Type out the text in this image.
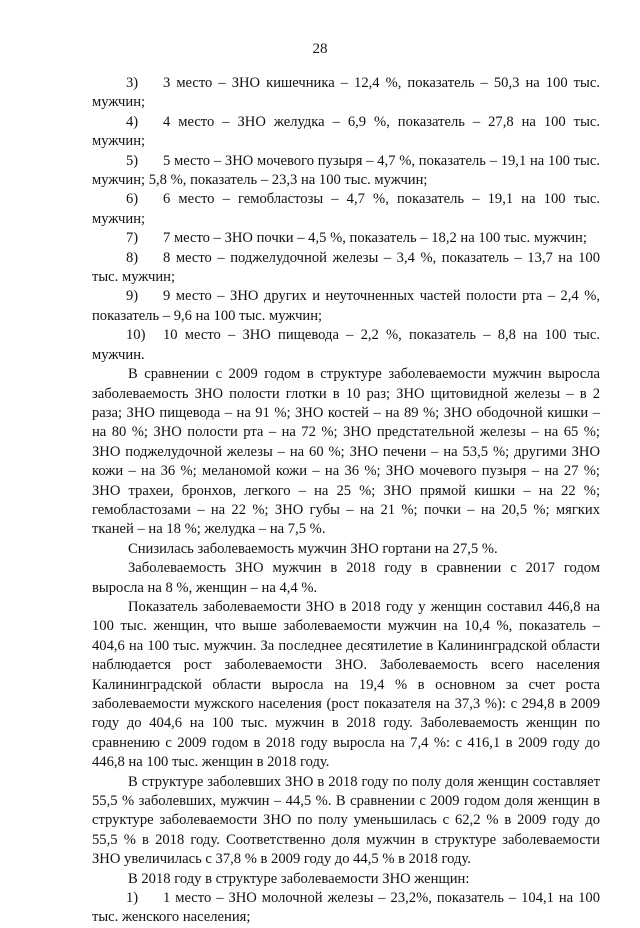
28

3) 3 место – ЗНО кишечника – 12,4 %, показатель – 50,3 на 100 тыс. мужчин;

4) 4 место – ЗНО желудка – 6,9 %, показатель – 27,8 на 100 тыс. мужчин;

5) 5 место – ЗНО мочевого пузыря – 4,7 %, показатель – 19,1 на 100 тыс. мужчин; 5,8 %, показатель – 23,3 на 100 тыс. мужчин;

6) 6 место – гемобластозы – 4,7 %, показатель – 19,1 на 100 тыс. мужчин;

7) 7 место – ЗНО почки – 4,5 %, показатель – 18,2 на 100 тыс. мужчин;

8) 8 место – поджелудочной железы – 3,4 %, показатель – 13,7 на 100 тыс. мужчин;

9) 9 место – ЗНО других и неуточненных частей полости рта – 2,4 %, показатель – 9,6 на 100 тыс. мужчин;

10) 10 место – ЗНО пищевода – 2,2 %, показатель – 8,8 на 100 тыс. мужчин.

В сравнении с 2009 годом в структуре заболеваемости мужчин выросла заболеваемость ЗНО полости глотки в 10 раз; ЗНО щитовидной железы – в 2 раза; ЗНО пищевода – на 91 %; ЗНО костей – на 89 %; ЗНО ободочной кишки – на 80 %; ЗНО полости рта – на 72 %; ЗНО предстательной железы – на 65 %; ЗНО поджелудочной железы – на 60 %; ЗНО печени – на 53,5 %; другими ЗНО кожи – на 36 %; меланомой кожи – на 36 %; ЗНО мочевого пузыря – на 27 %; ЗНО трахеи, бронхов, легкого – на 25 %; ЗНО прямой кишки – на 22 %; гемобластозами – на 22 %; ЗНО губы – на 21 %; почки – на 20,5 %; мягких тканей – на 18 %; желудка – на 7,5 %.

Снизилась заболеваемость мужчин ЗНО гортани на 27,5 %.

Заболеваемость ЗНО мужчин в 2018 году в сравнении с 2017 годом выросла на 8 %, женщин – на 4,4 %.

Показатель заболеваемости ЗНО в 2018 году у женщин составил 446,8 на 100 тыс. женщин, что выше заболеваемости мужчин на 10,4 %, показатель – 404,6 на 100 тыс. мужчин. За последнее десятилетие в Калининградской области наблюдается рост заболеваемости ЗНО. Заболеваемость всего населения Калининградской области выросла на 19,4 % в основном за счет роста заболеваемости мужского населения (рост показателя на 37,3 %): с 294,8 в 2009 году до 404,6 на 100 тыс. мужчин в 2018 году. Заболеваемость женщин по сравнению с 2009 годом в 2018 году выросла на 7,4 %: с 416,1 в 2009 году до 446,8 на 100 тыс. женщин в 2018 году.

В структуре заболевших ЗНО в 2018 году по полу доля женщин составляет 55,5 % заболевших, мужчин – 44,5 %. В сравнении с 2009 годом доля женщин в структуре заболеваемости ЗНО по полу уменьшилась с 62,2 % в 2009 году до 55,5 % в 2018 году. Соответственно доля мужчин в структуре заболеваемости ЗНО увеличилась с 37,8 % в 2009 году до 44,5 % в 2018 году.

В 2018 году в структуре заболеваемости ЗНО женщин:

1) 1 место – ЗНО молочной железы – 23,2%, показатель – 104,1 на 100 тыс. женского населения;
